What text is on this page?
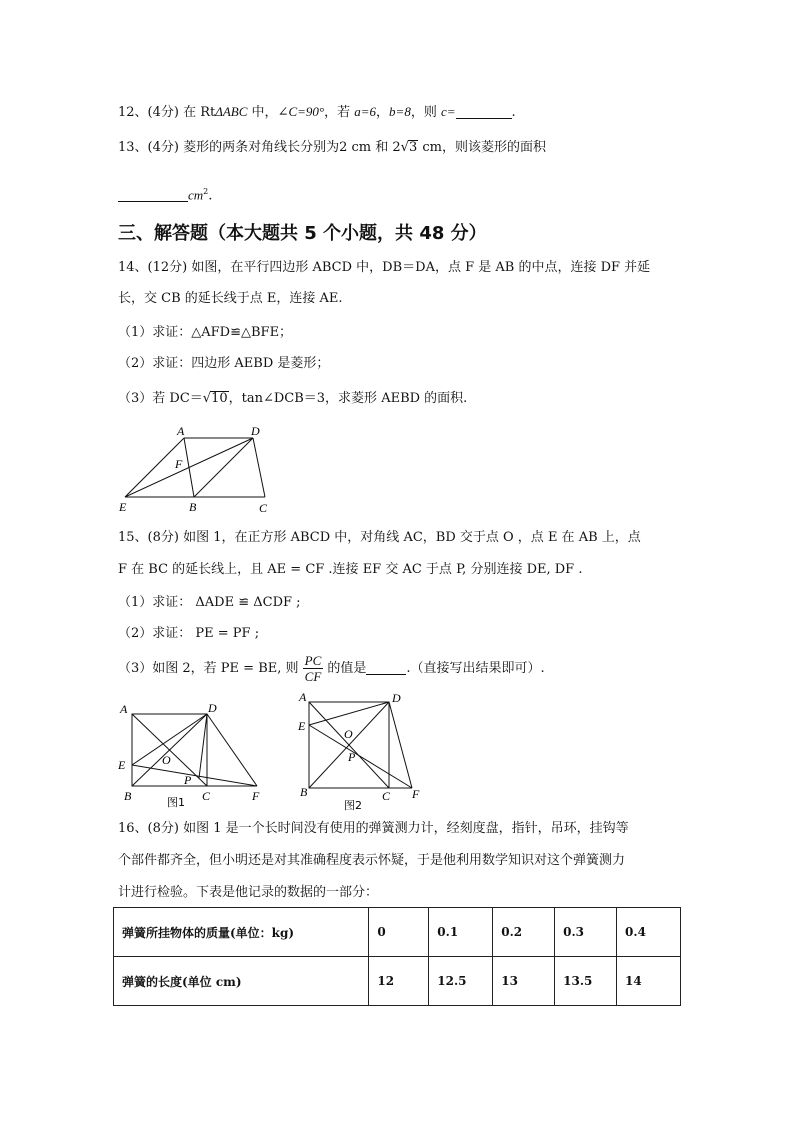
12、(4分) 在 RtΔABC 中，∠C=90°，若 a=6，b=8，则 c=	.
13、(4分) 菱形的两条对角线长分别为2 cm 和 2√3 cm，则该菱形的面积
$cm^2$.
三、解答题（本大题共 5 个小题，共 48 分）
14、(12分) 如图，在平行四边形 ABCD 中，DB＝DA，点 F 是 AB 的中点，连接 DF 并延
长，交 CB 的延长线于点 E，连接 AE.
（1）求证：△AFD≌△BFE；
（2）求证：四边形 AEBD 是菱形；
（3）若 DC＝√10，tan∠DCB＝3，求菱形 AEBD 的面积.
A	D
F
E	B	C
15、(8分) 如图 1，在正方形 ABCD 中，对角线 AC，BD 交于点 O ，点 E 在 AB 上，点
F 在 BC 的延长线上，且 AE = CF .连接 EF 交 AC 于点 P, 分别连接 DE, DF .
（1）求证： ΔADE ≌ ΔCDF ;
（2）求证： PE = PF ;
（3）如图 2，若 PE = BE, 则 $\frac{PC}{CF}$ 的值是	.（直接写出结果即可）.
A	D
E	O
P
B	C	F
图1
A	D
E
O
P
B	C F
图2
16、(8分) 如图 1 是一个长时间没有使用的弹簧测力计，经刻度盘，指针，吊环，挂钩等
个部件都齐全，但小明还是对其准确程度表示怀疑，于是他利用数学知识对这个弹簧测力
计进行检验。下表是他记录的数据的一部分：
弹簧所挂物体的质量(单位：kg)	0	0.1	0.2	0.3	0.4
弹簧的长度(单位 cm)	12	12.5	13	13.5	14
